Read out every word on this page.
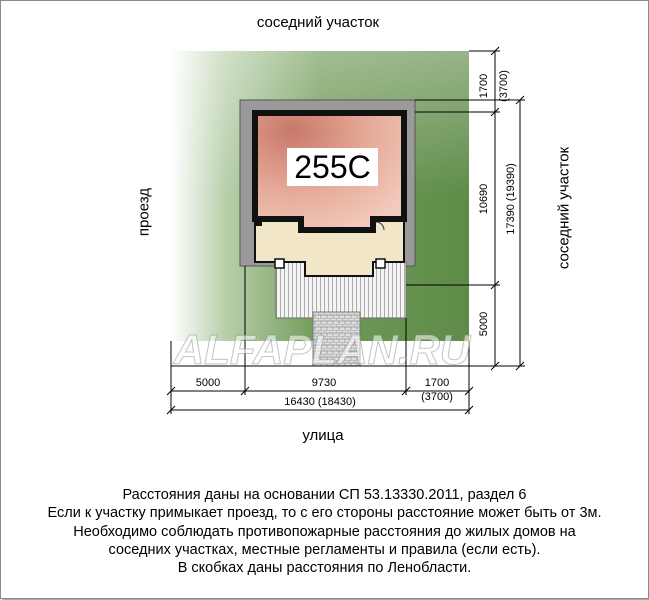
255С
1700 (3700)
10690 17390 (19390)
5000
5000	9730	1700
(3700)
16430 (18430)
ALFAPLAN.RU
соседний участок
соседний участок
проезд
улица
Расстояния даны на основании СП 53.13330.2011, раздел 6
Если к участку примыкает проезд, то с его стороны расстояние может быть от 3м.
Необходимо соблюдать противопожарные расстояния до жилых домов на
соседних участках, местные регламенты и правила (если есть).
В скобках даны расстояния по Ленобласти.
